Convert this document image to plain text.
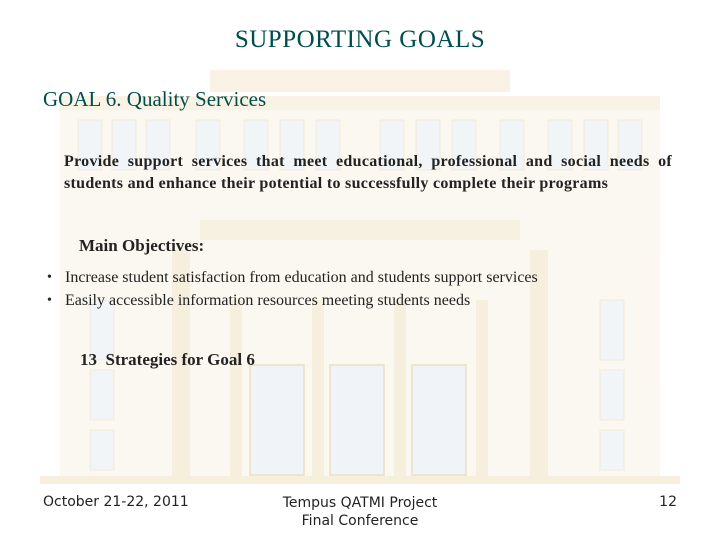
SUPPORTING GOALS
GOAL 6. Quality Services
Provide support services that meet educational, professional and social needs of students and enhance their potential to successfully complete their programs
Main Objectives:
• Increase student satisfaction from education and students support services
• Easily accessible information resources meeting students needs
13  Strategies for Goal 6
October 21-22, 2011	Tempus QATMI Project
Final Conference
12
